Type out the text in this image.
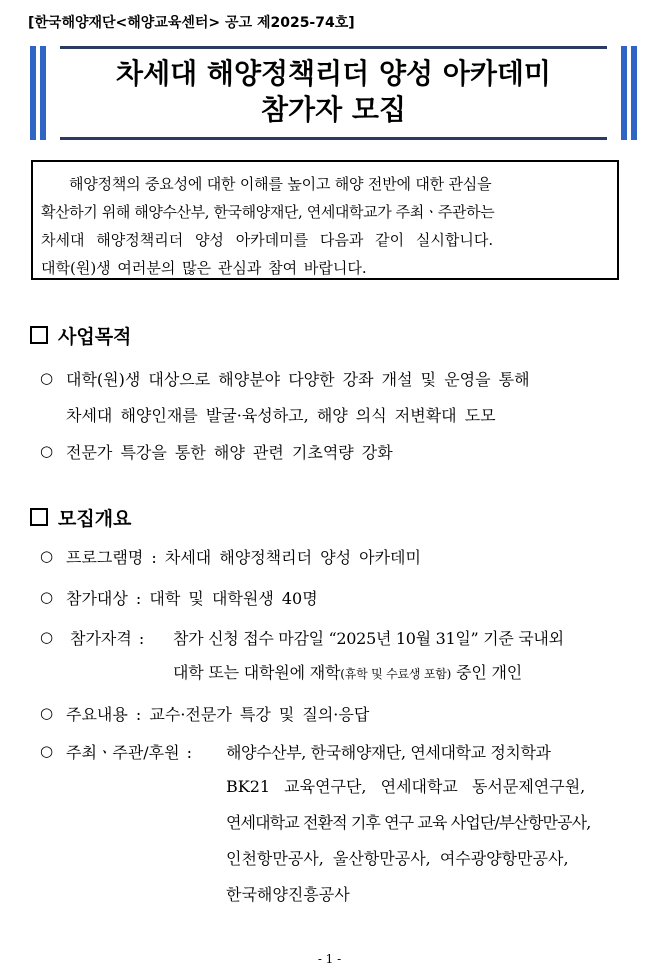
[한국해양재단<해양교육센터> 공고 제2025-74호]
차세대 해양정책리더 양성 아카데미
참가자 모집
해양정책의 중요성에 대한 이해를 높이고 해양 전반에 대한 관심을
확산하기 위해 해양수산부, 한국해양재단, 연세대학교가 주최ㆍ주관하는
차세대 해양정책리더 양성 아카데미를 다음과 같이 실시합니다.
대학(원)생 여러분의 많은 관심과 참여 바랍니다.
사업목적
○ 대학(원)생 대상으로 해양분야 다양한 강좌 개설 및 운영을 통해
차세대 해양인재를 발굴·육성하고, 해양 의식 저변확대 도모
○ 전문가 특강을 통한 해양 관련 기초역량 강화
모집개요
○ 프로그램명 : 차세대 해양정책리더 양성 아카데미
○ 참가대상 : 대학 및 대학원생 40명
○ 참가자격 : 참가 신청 접수 마감일 “2025년 10월 31일” 기준 국내외
대학 또는 대학원에 재학(휴학 및 수료생 포함) 중인 개인
○ 주요내용 : 교수·전문가 특강 및 질의·응답
○ 주최ㆍ주관/후원 : 해양수산부, 한국해양재단, 연세대학교 정치학과
BK21 교육연구단, 연세대학교 동서문제연구원,
연세대학교 전환적 기후 연구 교육 사업단/부산항만공사,
인천항만공사, 울산항만공사, 여수광양항만공사,
한국해양진흥공사
- 1 -
